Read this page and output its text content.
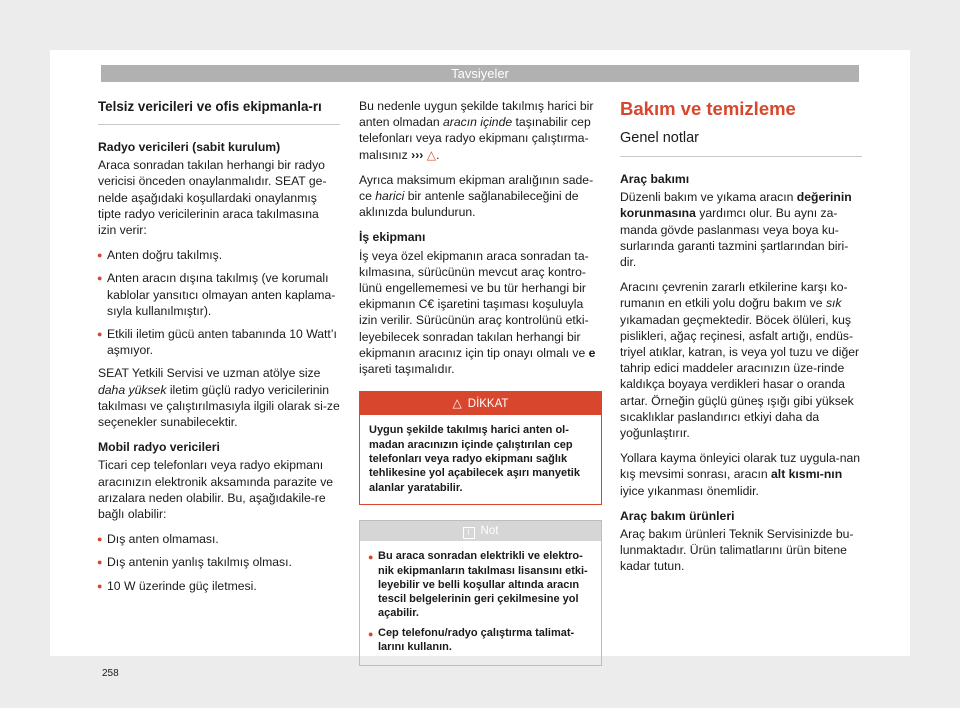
Tavsiyeler
Telsiz vericileri ve ofis ekipmanla-rı

Radyo vericileri (sabit kurulum)

Araca sonradan takılan herhangi bir radyo vericisi önceden onaylanmalıdır. SEAT ge-nelde aşağıdaki koşullardaki onaylanmış tipte radyo vericilerinin araca takılmasına izin verir:

● Anten doğru takılmış.
● Anten aracın dışına takılmış (ve korumalı kablolar yansıtıcı olmayan anten kaplama-sıyla kullanılmıştır).
● Etkili iletim gücü anten tabanında 10 Watt’ı aşmıyor.

SEAT Yetkili Servisi ve uzman atölye size daha yüksek iletim güçlü radyo vericilerinin takılması ve çalıştırılmasıyla ilgili olarak si-ze seçenekler sunabilecektir.

Mobil radyo vericileri

Ticari cep telefonları veya radyo ekipmanı aracınızın elektronik aksamında parazite ve arızalara neden olabilir. Bu, aşağıdakile-re bağlı olabilir:

● Dış anten olmaması.
● Dış antenin yanlış takılmış olması.
● 10 W üzerinde güç iletmesi.

Bu nedenle uygun şekilde takılmış harici bir anten olmadan aracın içinde taşınabilir cep telefonları veya radyo ekipmanı çalıştırma-malısınız ››› △.

Ayrıca maksimum ekipman aralığının sade-ce harici bir antenle sağlanabileceğini de aklınızda bulundurun.

İş ekipmanı

İş veya özel ekipmanın araca sonradan ta-kılmasına, sürücünün mevcut araç kontro-lünü engellememesi ve bu tür herhangi bir ekipmanın C€ işaretini taşıması koşuluyla izin verilir. Sürücünün araç kontrolünü etki-leyebilecek sonradan takılan herhangi bir ekipmanın aracınız için tip onayı olmalı ve e işareti taşımalıdır.

△ DİKKAT
Uygun şekilde takılmış harici anten ol-madan aracınızın içinde çalıştırılan cep telefonları veya radyo ekipmanı sağlık tehlikesine yol açabilecek aşırı manyetik alanlar yaratabilir.
i Not
● Bu araca sonradan elektrikli ve elektro-nik ekipmanların takılması lisansını etki-leyebilir ve belli koşullar altında aracın tescil belgelerinin geri çekilmesine yol açabilir.
● Cep telefonu/radyo çalıştırma talimat-larını kullanın.
Bakım ve temizleme
Genel notlar

Araç bakımı

Düzenli bakım ve yıkama aracın değerinin korunmasına yardımcı olur. Bu aynı za-manda gövde paslanması veya boya ku-surlarında garanti tazmini şartlarından biri-dir.

Aracını çevrenin zararlı etkilerine karşı ko-rumanın en etkili yolu doğru bakım ve sık yıkamadan geçmektedir. Böcek ölüleri, kuş pislikleri, ağaç reçinesi, asfalt artığı, endüs-triyel atıklar, katran, is veya yol tuzu ve diğer tahrip edici maddeler aracınızın üze-rinde kaldıkça boyaya verdikleri hasar o oranda artar. Örneğin güçlü güneş ışığı gibi yüksek sıcaklıklar paslandırıcı etkiyi daha da yoğunlaştırır.

Yollara kayma önleyici olarak tuz uygula-nan kış mevsimi sonrası, aracın alt kısmı-nın iyice yıkanması önemlidir.

Araç bakım ürünleri

Araç bakım ürünleri Teknik Servisinizde bu-lunmaktadır. Ürün talimatlarını ürün bitene kadar tutun.

258
